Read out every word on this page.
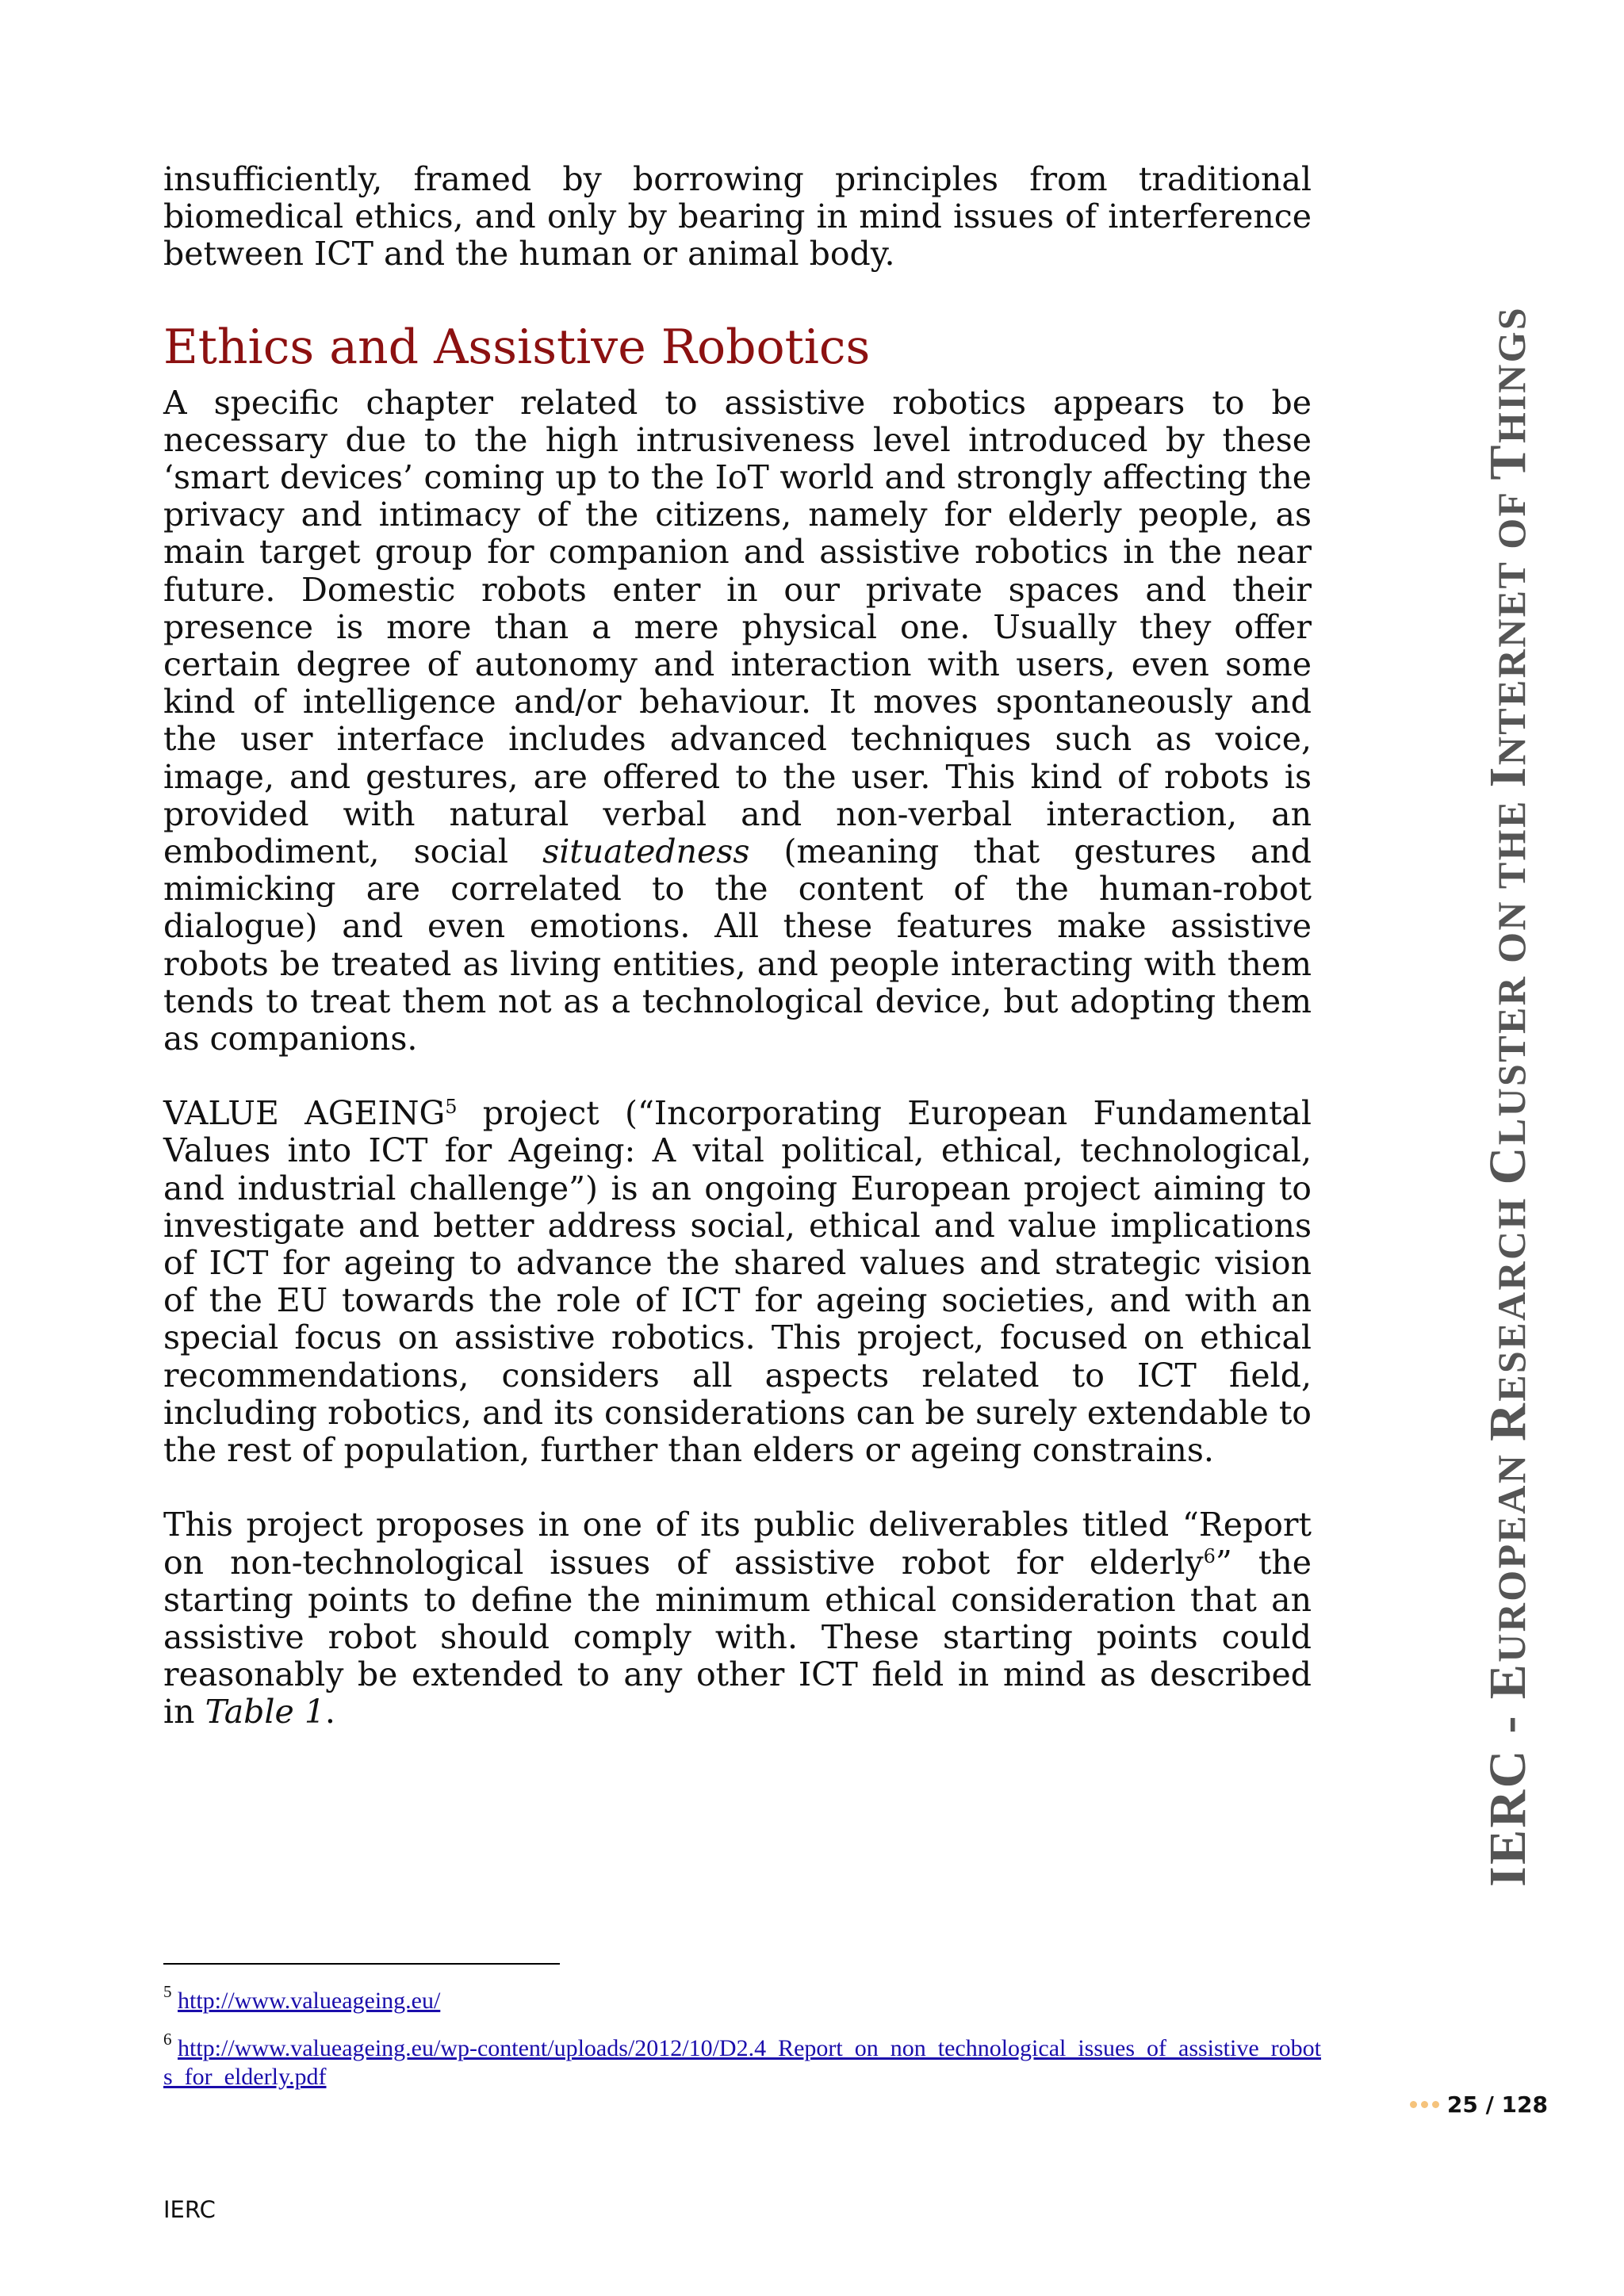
insufficiently, framed by borrowing principles from traditional biomedical ethics, and only by bearing in mind issues of interference between ICT and the human or animal body.

Ethics and Assistive Robotics

A specific chapter related to assistive robotics appears to be necessary due to the high intrusiveness level introduced by these ‘smart devices’ coming up to the IoT world and strongly affecting the privacy and intimacy of the citizens, namely for elderly people, as main target group for companion and assistive robotics in the near future. Domestic robots enter in our private spaces and their presence is more than a mere physical one. Usually they offer certain degree of autonomy and interaction with users, even some kind of intelligence and/or behaviour. It moves spontaneously and the user interface includes advanced techniques such as voice, image, and gestures, are offered to the user. This kind of robots is provided with natural verbal and non-verbal interaction, an embodiment, social situatedness (meaning that gestures and mimicking are correlated to the content of the human-robot dialogue) and even emotions. All these features make assistive robots be treated as living entities, and people interacting with them tends to treat them not as a technological device, but adopting them as companions.

VALUE AGEING$^5$ project (“Incorporating European Fundamental Values into ICT for Ageing: A vital political, ethical, technological, and industrial challenge”) is an ongoing European project aiming to investigate and better address social, ethical and value implications of ICT for ageing to advance the shared values and strategic vision of the EU towards the role of ICT for ageing societies, and with an special focus on assistive robotics. This project, focused on ethical recommendations, considers all aspects related to ICT field, including robotics, and its considerations can be surely extendable to the rest of population, further than elders or ageing constrains.

This project proposes in one of its public deliverables titled “Report on non-technological issues of assistive robot for elderly$^6$” the starting points to define the minimum ethical consideration that an assistive robot should comply with. These starting points could reasonably be extended to any other ICT field in mind as described in Table 1.

$^5$ http://www.valueageing.eu/
$^6$ http://www.valueageing.eu/wp-content/uploads/2012/10/D2.4_Report_on_non_technological_issues_of_assistive_robots_for_elderly.pdf
IERC - EUROPEAN RESEARCH CLUSTER ON THE INTERNET OF THINGS
25 / 128
IERC
